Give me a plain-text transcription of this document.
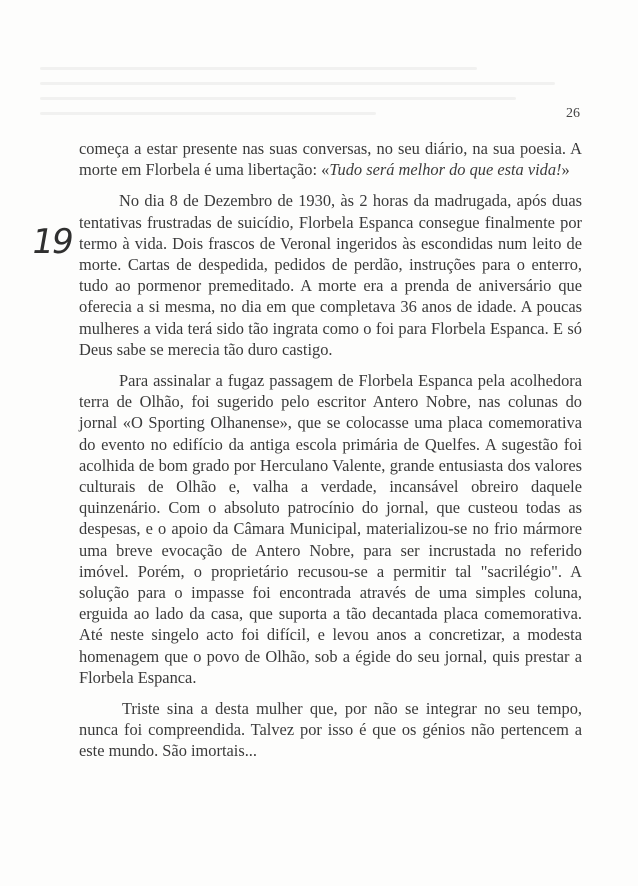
26
19

começa a estar presente nas suas conversas, no seu diário, na sua poesia. A morte em Florbela é uma libertação: «Tudo será melhor do que esta vida!»

No dia 8 de Dezembro de 1930, às 2 horas da madrugada, após duas tentativas frustradas de suicídio, Florbela Espanca consegue finalmente por termo à vida. Dois frascos de Veronal ingeridos às escondidas num leito de morte. Cartas de despedida, pedidos de perdão, instruções para o enterro, tudo ao pormenor premeditado. A morte era a prenda de aniversário que oferecia a si mesma, no dia em que completava 36 anos de idade. A poucas mulheres a vida terá sido tão ingrata como o foi para Florbela Espanca. E só Deus sabe se merecia tão duro castigo.

Para assinalar a fugaz passagem de Florbela Espanca pela acolhedora terra de Olhão, foi sugerido pelo escritor Antero Nobre, nas colunas do jornal «O Sporting Olhanense», que se colocasse uma placa comemorativa do evento no edifício da antiga escola primária de Quelfes. A sugestão foi acolhida de bom grado por Herculano Valente, grande entusiasta dos valores culturais de Olhão e, valha a verdade, incansável obreiro daquele quinzenário. Com o absoluto patrocínio do jornal, que custeou todas as despesas, e o apoio da Câmara Municipal, materializou-se no frio mármore uma breve evocação de Antero Nobre, para ser incrustada no referido imóvel. Porém, o proprietário recusou-se a permitir tal "sacrilégio". A solução para o impasse foi encontrada através de uma simples coluna, erguida ao lado da casa, que suporta a tão decantada placa comemorativa. Até neste singelo acto foi difícil, e levou anos a concretizar, a modesta homenagem que o povo de Olhão, sob a égide do seu jornal, quis prestar a Florbela Espanca.

Triste sina a desta mulher que, por não se integrar no seu tempo, nunca foi compreendida. Talvez por isso é que os génios não pertencem a este mundo. São imortais...
